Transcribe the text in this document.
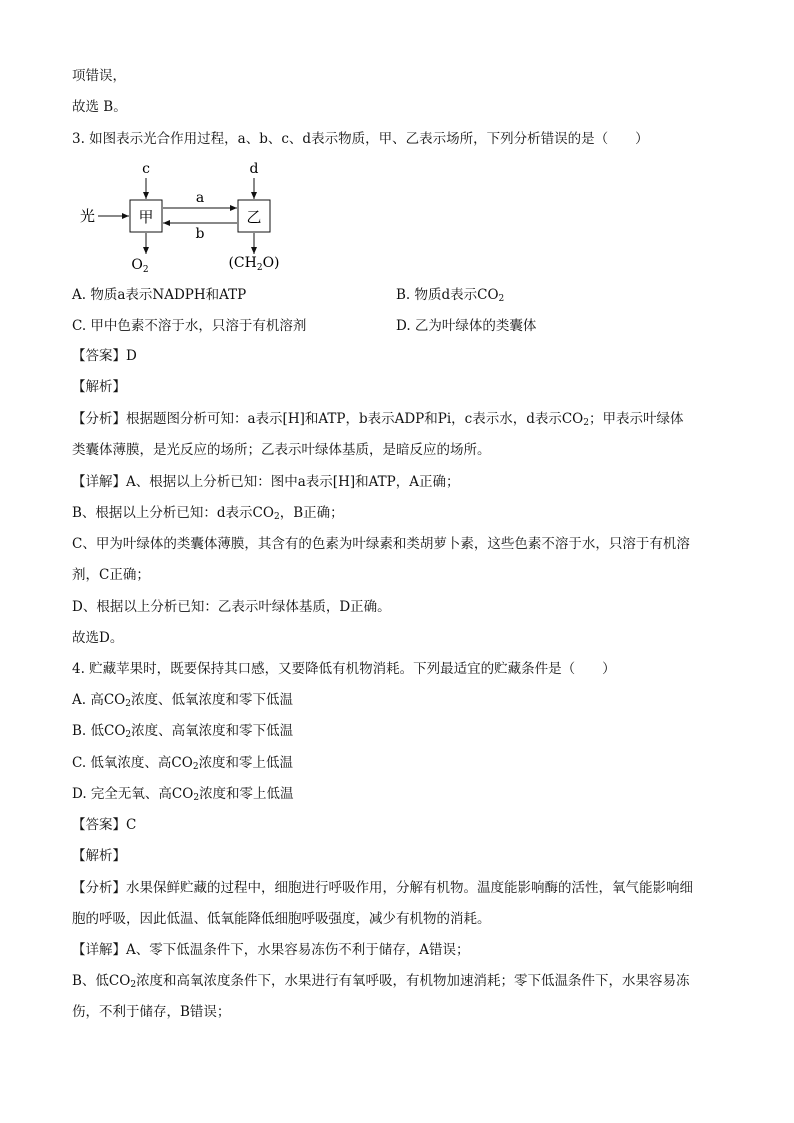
项错误，
故选 B。
3. 如图表示光合作用过程，a、b、c、d表示物质，甲、乙表示场所，下列分析错误的是（　　）
光	甲	乙
c	d
a
b
$O_2$	$(CH_2O)$
A. 物质a表示NADPH和ATP	B. 物质d表示$CO_2$
C. 甲中色素不溶于水，只溶于有机溶剂	D. 乙为叶绿体的类囊体
【答案】D
【解析】
【分析】根据题图分析可知：a表示[H]和ATP，b表示ADP和Pi，c表示水，d表示$CO_2$；甲表示叶绿体
类囊体薄膜，是光反应的场所；乙表示叶绿体基质，是暗反应的场所。
【详解】A、根据以上分析已知：图中a表示[H]和ATP，A正确；
B、根据以上分析已知：d表示$CO_2$，B正确；
C、甲为叶绿体的类囊体薄膜，其含有的色素为叶绿素和类胡萝卜素，这些色素不溶于水，只溶于有机溶
剂，C正确；
D、根据以上分析已知：乙表示叶绿体基质，D正确。
故选D。
4. 贮藏苹果时，既要保持其口感，又要降低有机物消耗。下列最适宜的贮藏条件是（　　）
A. 高$CO_2$浓度、低氧浓度和零下低温
B. 低$CO_2$浓度、高氧浓度和零下低温
C. 低氧浓度、高$CO_2$浓度和零上低温
D. 完全无氧、高$CO_2$浓度和零上低温
【答案】C
【解析】
【分析】水果保鲜贮藏的过程中，细胞进行呼吸作用，分解有机物。温度能影响酶的活性，氧气能影响细
胞的呼吸，因此低温、低氧能降低细胞呼吸强度，减少有机物的消耗。
【详解】A、零下低温条件下，水果容易冻伤不利于储存，A错误；
B、低$CO_2$浓度和高氧浓度条件下，水果进行有氧呼吸，有机物加速消耗；零下低温条件下，水果容易冻
伤，不利于储存，B错误；
